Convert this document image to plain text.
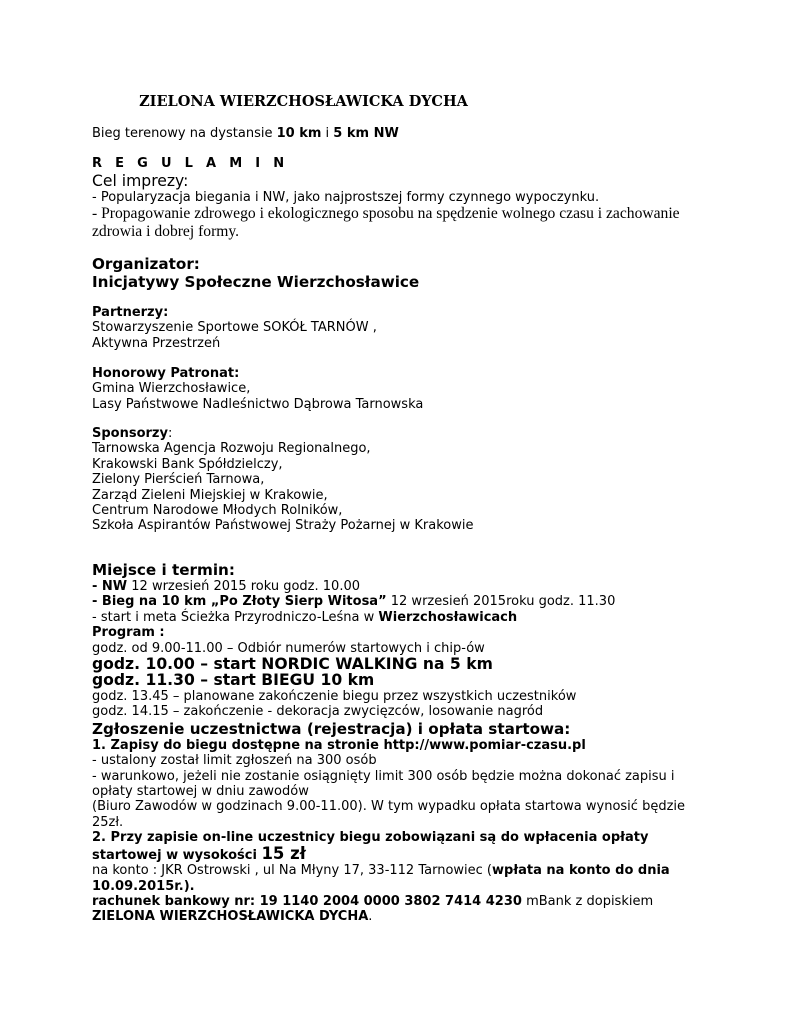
ZIELONA WIERZCHOSŁAWICKA DYCHA
Bieg terenowy na dystansie 10 km i 5 km NW
R E G U L A M I N
Cel imprezy:
- Popularyzacja biegania i NW, jako najprostszej formy czynnego wypoczynku.
- Propagowanie zdrowego i ekologicznego sposobu na spędzenie wolnego czasu i zachowanie zdrowia i dobrej formy.
Organizator:
Inicjatywy Społeczne Wierzchosławice
Partnerzy:
Stowarzyszenie Sportowe SOKÓŁ TARNÓW ,
Aktywna Przestrzeń
Honorowy Patronat:
Gmina Wierzchosławice,
Lasy Państwowe Nadleśnictwo Dąbrowa Tarnowska
Sponsorzy:
Tarnowska Agencja Rozwoju Regionalnego,
Krakowski Bank Spółdzielczy,
Zielony Pierścień Tarnowa,
Zarząd Zieleni Miejskiej w Krakowie,
Centrum Narodowe Młodych Rolników,
Szkoła Aspirantów Państwowej Straży Pożarnej w Krakowie
Miejsce i termin:
- NW 12 wrzesień 2015 roku godz. 10.00
- Bieg na 10 km „Po Złoty Sierp Witosa” 12 wrzesień 2015roku godz. 11.30
- start i meta Ścieżka Przyrodniczo-Leśna w Wierzchosławicach
Program :
godz. od 9.00-11.00 – Odbiór numerów startowych i chip-ów
godz. 10.00 – start NORDIC WALKING na 5 km
godz. 11.30 – start BIEGU 10 km
godz. 13.45 – planowane zakończenie biegu przez wszystkich uczestników
godz. 14.15 – zakończenie - dekoracja zwycięzców, losowanie nagród
Zgłoszenie uczestnictwa (rejestracja) i opłata startowa:
1. Zapisy do biegu dostępne na stronie http://www.pomiar-czasu.pl
- ustalony został limit zgłoszeń na 300 osób
- warunkowo, jeżeli nie zostanie osiągnięty limit 300 osób będzie można dokonać zapisu i opłaty startowej w dniu zawodów
(Biuro Zawodów w godzinach 9.00-11.00). W tym wypadku opłata startowa wynosić będzie 25zł.
2. Przy zapisie on-line uczestnicy biegu zobowiązani są do wpłacenia opłaty startowej w wysokości 15 zł
na konto : JKR Ostrowski , ul Na Młyny 17, 33-112 Tarnowiec (wpłata na konto do dnia 10.09.2015r.).
rachunek bankowy nr: 19 1140 2004 0000 3802 7414 4230 mBank z dopiskiem
ZIELONA WIERZCHOSŁAWICKA DYCHA.
